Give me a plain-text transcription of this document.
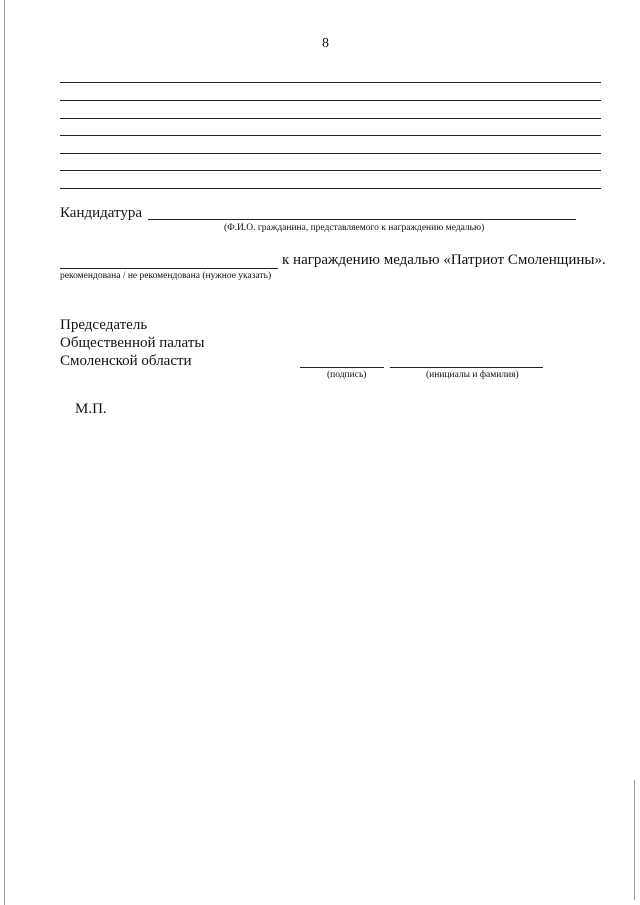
8
Кандидатура
(Ф.И.О. гражданина, представляемого к награждению медалью)
к награждению медалью «Патриот Смоленщины».
рекомендована / не рекомендована (нужное указать)
Председатель
Общественной палаты
Смоленской области
(подпись)	(инициалы и фамилия)
М.П.
